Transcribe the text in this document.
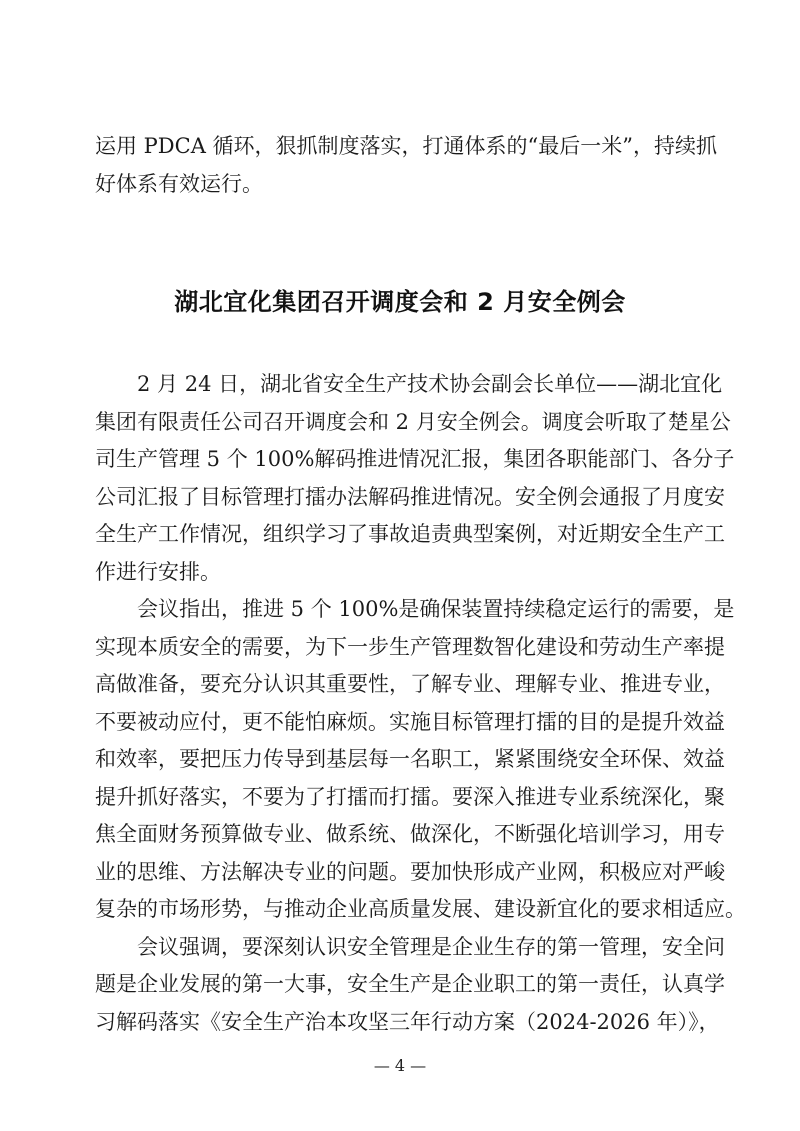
运用 PDCA 循环，狠抓制度落实，打通体系的“最后一米”，持续抓
好体系有效运行。
湖北宜化集团召开调度会和 2 月安全例会
2 月 24 日，湖北省安全生产技术协会副会长单位——湖北宜化
集团有限责任公司召开调度会和 2 月安全例会。调度会听取了楚星公
司生产管理 5 个 100%解码推进情况汇报，集团各职能部门、各分子
公司汇报了目标管理打擂办法解码推进情况。安全例会通报了月度安
全生产工作情况，组织学习了事故追责典型案例，对近期安全生产工
作进行安排。
会议指出，推进 5 个 100%是确保装置持续稳定运行的需要，是
实现本质安全的需要，为下一步生产管理数智化建设和劳动生产率提
高做准备，要充分认识其重要性，了解专业、理解专业、推进专业，
不要被动应付，更不能怕麻烦。实施目标管理打擂的目的是提升效益
和效率，要把压力传导到基层每一名职工，紧紧围绕安全环保、效益
提升抓好落实，不要为了打擂而打擂。要深入推进专业系统深化，聚
焦全面财务预算做专业、做系统、做深化，不断强化培训学习，用专
业的思维、方法解决专业的问题。要加快形成产业网，积极应对严峻
复杂的市场形势，与推动企业高质量发展、建设新宜化的要求相适应。
会议强调，要深刻认识安全管理是企业生存的第一管理，安全问
题是企业发展的第一大事，安全生产是企业职工的第一责任，认真学
习解码落实《安全生产治本攻坚三年行动方案（2024-2026 年）》，
— 4 —
